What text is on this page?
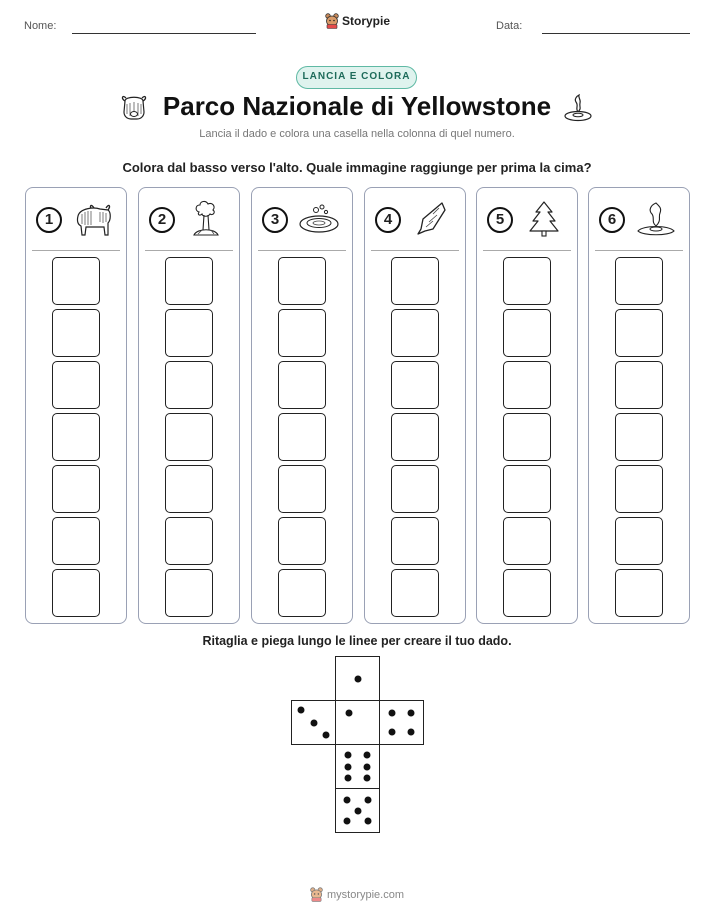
Nome:	Data:
Storypie
LANCIA E COLORA
Parco Nazionale di Yellowstone
Lancia il dado e colora una casella nella colonna di quel numero.
Colora dal basso verso l'alto. Quale immagine raggiunge per prima la cima?
1	2	3	4	5	6
Ritaglia e piega lungo le linee per creare il tuo dado.
mystorypie.com
